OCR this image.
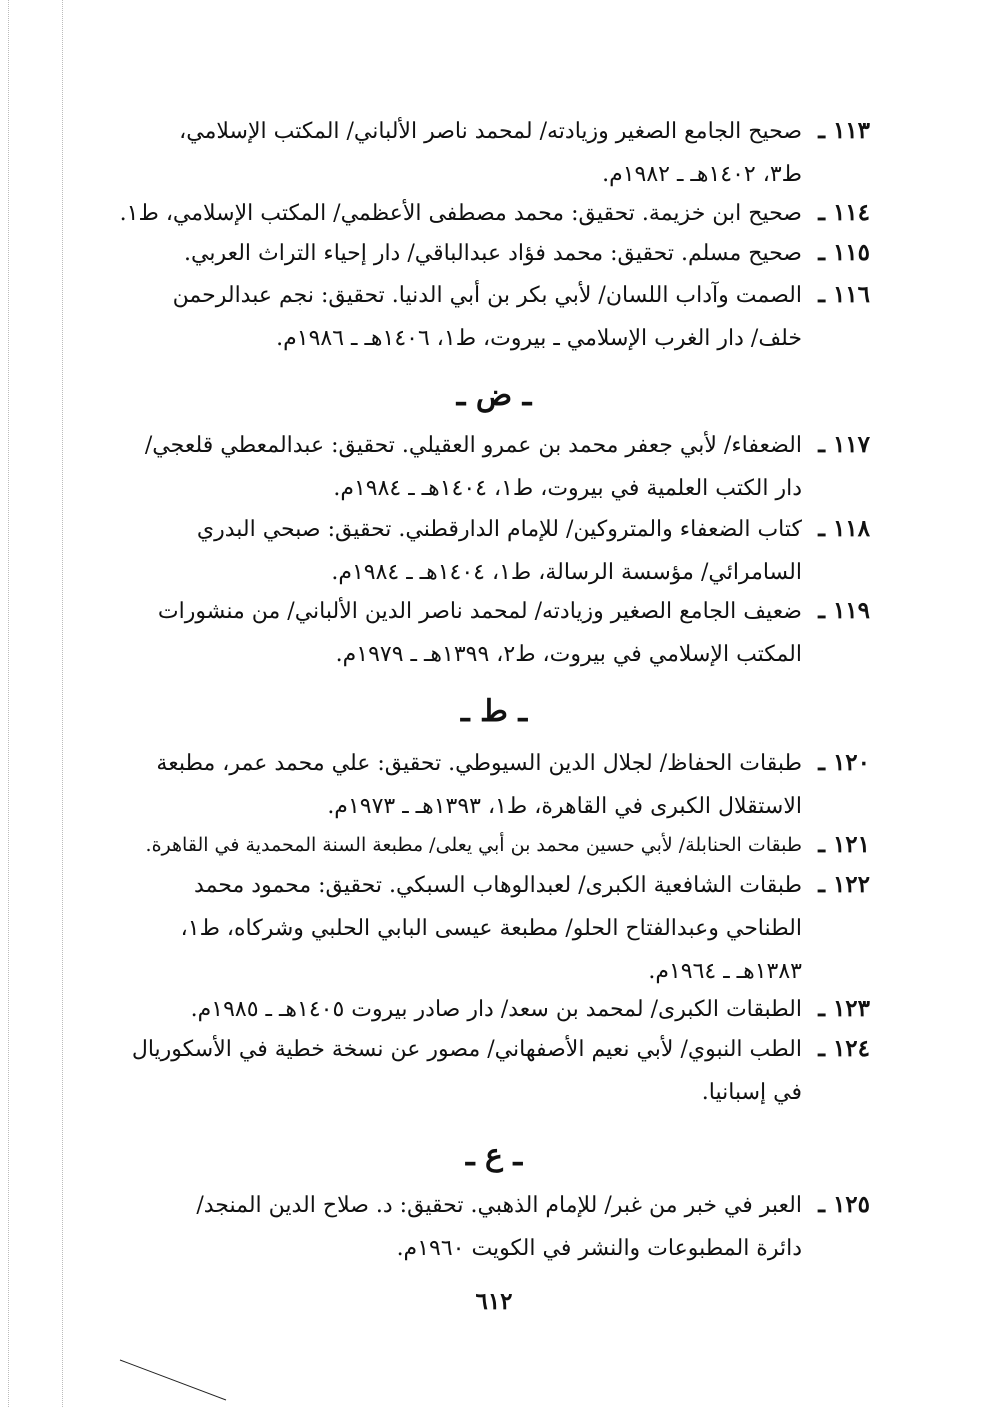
١١٣ ـ
صحيح الجامع الصغير وزيادته/ لمحمد ناصر الألباني/ المكتب الإسلامي،
ط٣، ١٤٠٢هـ ـ ١٩٨٢م.
١١٤ ـ
صحيح ابن خزيمة. تحقيق: محمد مصطفى الأعظمي/ المكتب الإسلامي، ط١.
١١٥ ـ
صحيح مسلم. تحقيق: محمد فؤاد عبدالباقي/ دار إحياء التراث العربي.
١١٦ ـ
الصمت وآداب اللسان/ لأبي بكر بن أبي الدنيا. تحقيق: نجم عبدالرحمن
خلف/ دار الغرب الإسلامي ـ بيروت، ط١، ١٤٠٦هـ ـ ١٩٨٦م.
ـ ض ـ
١١٧ ـ
الضعفاء/ لأبي جعفر محمد بن عمرو العقيلي. تحقيق: عبدالمعطي قلعجي/
دار الكتب العلمية في بيروت، ط١، ١٤٠٤هـ ـ ١٩٨٤م.
١١٨ ـ
كتاب الضعفاء والمتروكين/ للإمام الدارقطني. تحقيق: صبحي البدري
السامرائي/ مؤسسة الرسالة، ط١، ١٤٠٤هـ ـ ١٩٨٤م.
١١٩ ـ
ضعيف الجامع الصغير وزيادته/ لمحمد ناصر الدين الألباني/ من منشورات
المكتب الإسلامي في بيروت، ط٢، ١٣٩٩هـ ـ ١٩٧٩م.
ـ ط ـ
١٢٠ ـ
طبقات الحفاظ/ لجلال الدين السيوطي. تحقيق: علي محمد عمر، مطبعة
الاستقلال الكبرى في القاهرة، ط١، ١٣٩٣هـ ـ ١٩٧٣م.
١٢١ ـ
طبقات الحنابلة/ لأبي حسين محمد بن أبي يعلى/ مطبعة السنة المحمدية في القاهرة.
١٢٢ ـ
طبقات الشافعية الكبرى/ لعبدالوهاب السبكي. تحقيق: محمود محمد
الطناحي وعبدالفتاح الحلو/ مطبعة عيسى البابي الحلبي وشركاه، ط١،
١٣٨٣هـ ـ ١٩٦٤م.
١٢٣ ـ
الطبقات الكبرى/ لمحمد بن سعد/ دار صادر بيروت ١٤٠٥هـ ـ ١٩٨٥م.
١٢٤ ـ
الطب النبوي/ لأبي نعيم الأصفهاني/ مصور عن نسخة خطية في الأسكوريال
في إسبانيا.
ـ ع ـ
١٢٥ ـ
العبر في خبر من غبر/ للإمام الذهبي. تحقيق: د. صلاح الدين المنجد/
دائرة المطبوعات والنشر في الكويت ١٩٦٠م.
٦١٢
